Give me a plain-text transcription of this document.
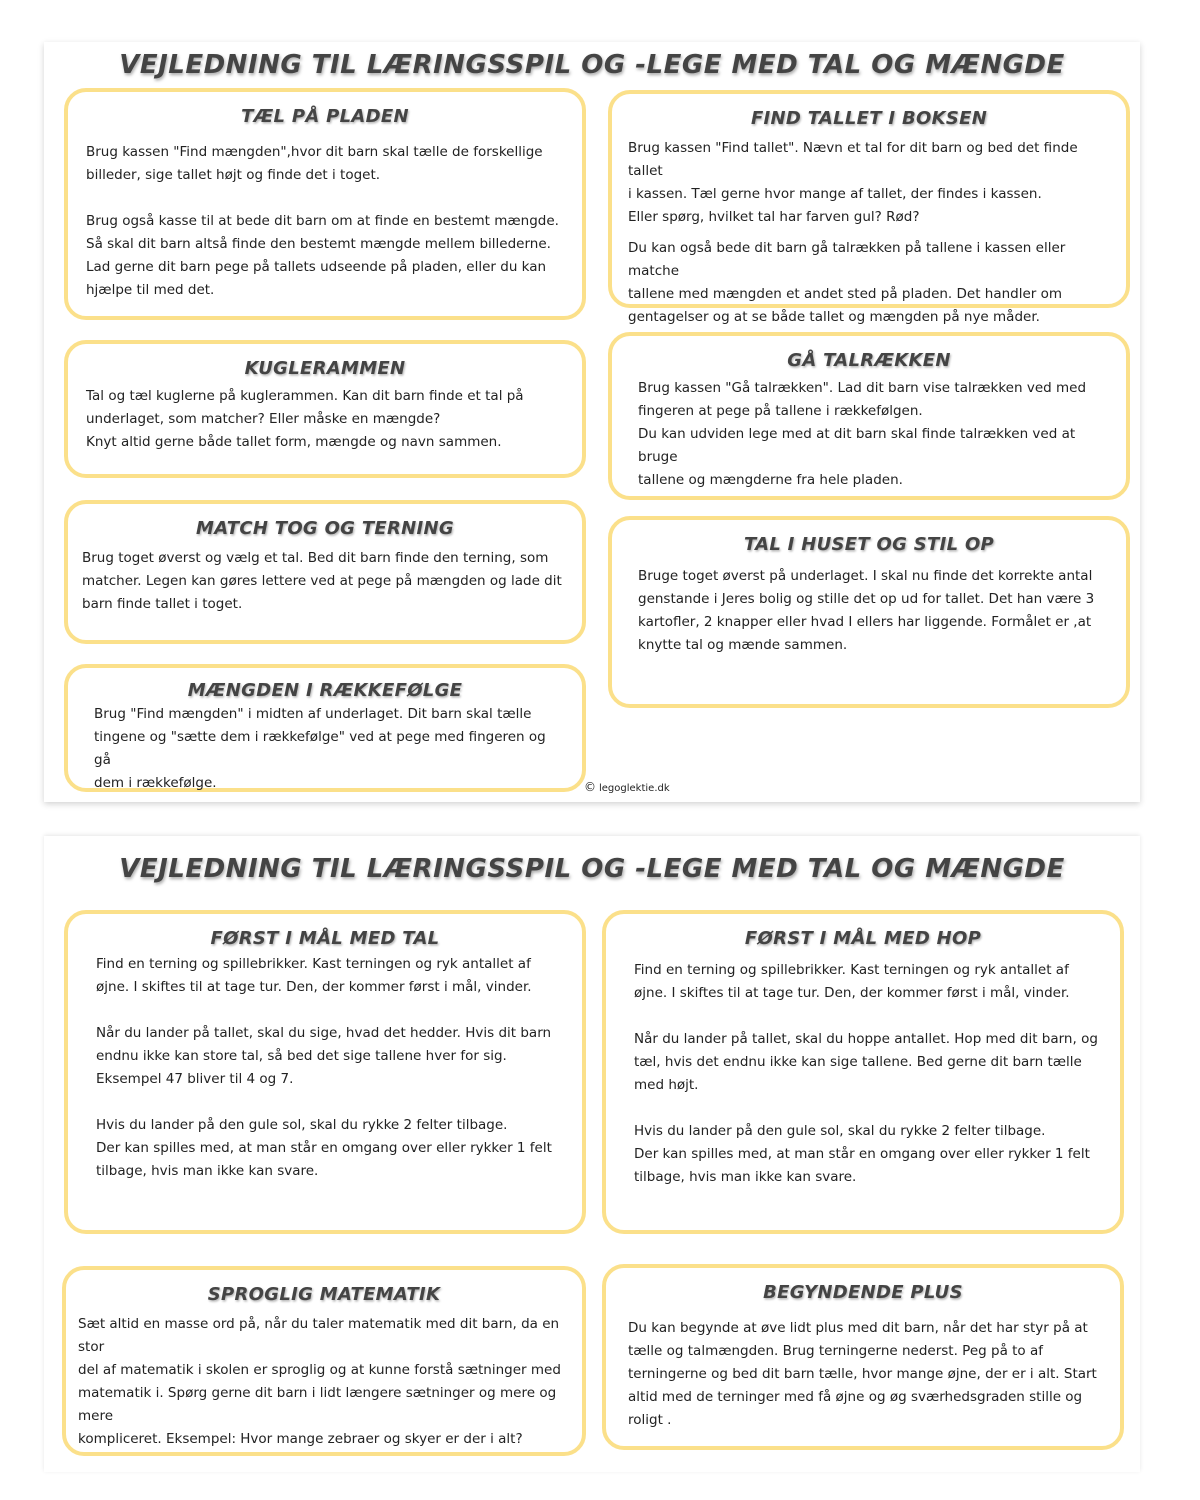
VEJLEDNING TIL LÆRINGSSPIL OG -LEGE MED TAL OG MÆNGDE
TÆL PÅ PLADEN

Brug kassen "Find mængden",hvor dit barn skal tælle de forskellige
billeder, sige tallet højt og finde det i toget.

Brug også kasse til at bede dit barn om at finde en bestemt mængde.
Så skal dit barn altså finde den bestemt mængde mellem billederne.
Lad gerne dit barn pege på tallets udseende på pladen, eller du kan
hjælpe til med det.

FIND TALLET I BOKSEN

Brug kassen "Find tallet". Nævn et tal for dit barn og bed det finde tallet
i kassen. Tæl gerne hvor mange af tallet, der findes i kassen.
Eller spørg, hvilket tal har farven gul? Rød?

Du kan også bede dit barn gå talrækken på tallene i kassen eller matche
tallene med mængden et andet sted på pladen. Det handler om
gentagelser og at se både tallet og mængden på nye måder.

KUGLERAMMEN

Tal og tæl kuglerne på kuglerammen. Kan dit barn finde et tal på
underlaget, som matcher? Eller måske en mængde?
Knyt altid gerne både tallet form, mængde og navn sammen.

GÅ TALRÆKKEN

Brug kassen "Gå talrækken". Lad dit barn vise talrækken ved med
fingeren at pege på tallene i rækkefølgen.
Du kan udviden lege med at dit barn skal finde talrækken ved at bruge
tallene og mængderne fra hele pladen.

MATCH TOG OG TERNING

Brug toget øverst og vælg et tal. Bed dit barn finde den terning, som
matcher. Legen kan gøres lettere ved at pege på mængden og lade dit
barn finde tallet i toget.

TAL I HUSET OG STIL OP

Bruge toget øverst på underlaget. I skal nu finde det korrekte antal
genstande i Jeres bolig og stille det op ud for tallet. Det han være 3
kartofler, 2 knapper eller hvad I ellers har liggende. Formålet er ,at
knytte tal og mænde sammen.

MÆNGDEN I RÆKKEFØLGE

Brug "Find mængden" i midten af underlaget. Dit barn skal tælle
tingene og "sætte dem i rækkefølge" ved at pege med fingeren og gå
dem i rækkefølge.	© legoglektie.dk
VEJLEDNING TIL LÆRINGSSPIL OG -LEGE MED TAL OG MÆNGDE
FØRST I MÅL MED TAL

Find en terning og spillebrikker. Kast terningen og ryk antallet af
øjne. I skiftes til at tage tur. Den, der kommer først i mål, vinder.

Når du lander på tallet, skal du sige, hvad det hedder. Hvis dit barn
endnu ikke kan store tal, så bed det sige tallene hver for sig.
Eksempel 47 bliver til 4 og 7.

Hvis du lander på den gule sol, skal du rykke 2 felter tilbage.
Der kan spilles med, at man står en omgang over eller rykker 1 felt
tilbage, hvis man ikke kan svare.

FØRST I MÅL MED HOP

Find en terning og spillebrikker. Kast terningen og ryk antallet af
øjne. I skiftes til at tage tur. Den, der kommer først i mål, vinder.

Når du lander på tallet, skal du hoppe antallet. Hop med dit barn, og
tæl, hvis det endnu ikke kan sige tallene. Bed gerne dit barn tælle
med højt.

Hvis du lander på den gule sol, skal du rykke 2 felter tilbage.
Der kan spilles med, at man står en omgang over eller rykker 1 felt
tilbage, hvis man ikke kan svare.

SPROGLIG MATEMATIK

Sæt altid en masse ord på, når du taler matematik med dit barn, da en stor
del af matematik i skolen er sproglig og at kunne forstå sætninger med
matematik i. Spørg gerne dit barn i lidt længere sætninger og mere og mere
kompliceret. Eksempel: Hvor mange zebraer og skyer er der i alt?

BEGYNDENDE PLUS

Du kan begynde at øve lidt plus med dit barn, når det har styr på at
tælle og talmængden. Brug terningerne nederst. Peg på to af
terningerne og bed dit barn tælle, hvor mange øjne, der er i alt. Start
altid med de terninger med få øjne og øg sværhedsgraden stille og
roligt .
